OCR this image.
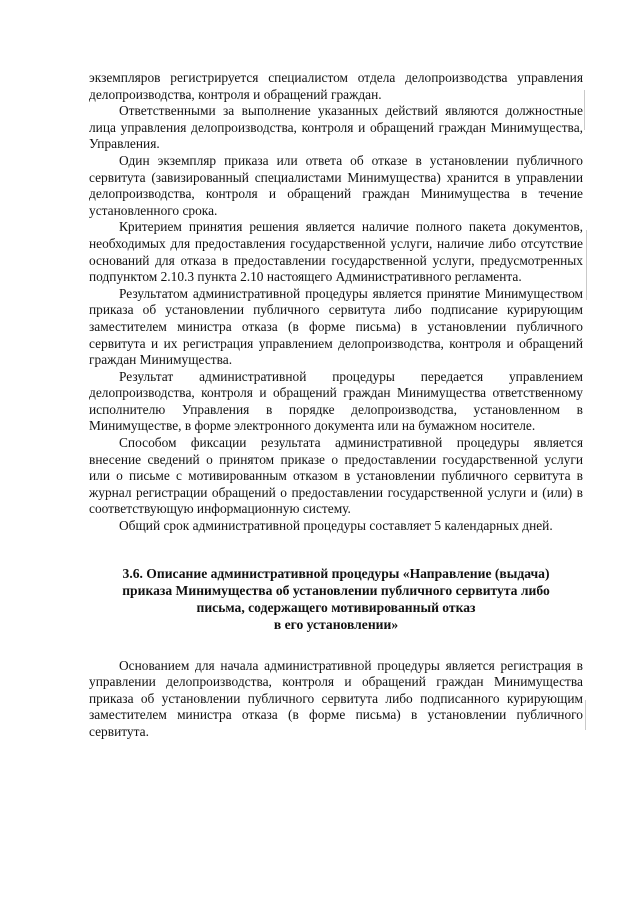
экземпляров регистрируется специалистом отдела делопроизводства управления делопроизводства, контроля и обращений граждан.

Ответственными за выполнение указанных действий являются должностные лица управления делопроизводства, контроля и обращений граждан Минимущества, Управления.

Один экземпляр приказа или ответа об отказе в установлении публичного сервитута (завизированный специалистами Минимущества) хранится в управлении делопроизводства, контроля и обращений граждан Минимущества в течение установленного срока.

Критерием принятия решения является наличие полного пакета документов, необходимых для предоставления государственной услуги, наличие либо отсутствие оснований для отказа в предоставлении государственной услуги, предусмотренных подпунктом 2.10.3 пункта 2.10 настоящего Административного регламента.

Результатом административной процедуры является принятие Минимуществом приказа об установлении публичного сервитута либо подписание курирующим заместителем министра отказа (в форме письма) в установлении публичного сервитута и их регистрация управлением делопроизводства, контроля и обращений граждан Минимущества.

Результат административной процедуры передается управлением делопроизводства, контроля и обращений граждан Минимущества ответственному исполнителю Управления в порядке делопроизводства, установленном в Минимуществе, в форме электронного документа или на бумажном носителе.

Способом фиксации результата административной процедуры является внесение сведений о принятом приказе о предоставлении государственной услуги или о письме с мотивированным отказом в установлении публичного сервитута в журнал регистрации обращений о предоставлении государственной услуги и (или) в соответствующую информационную систему.

Общий срок административной процедуры составляет 5 календарных дней.

3.6. Описание административной процедуры «Направление (выдача)
приказа Минимущества об установлении публичного сервитута либо
письма, содержащего мотивированный отказ
в его установлении»

Основанием для начала административной процедуры является регистрация в управлении делопроизводства, контроля и обращений граждан Минимущества приказа об установлении публичного сервитута либо подписанного курирующим заместителем министра отказа (в форме письма) в установлении публичного сервитута.
